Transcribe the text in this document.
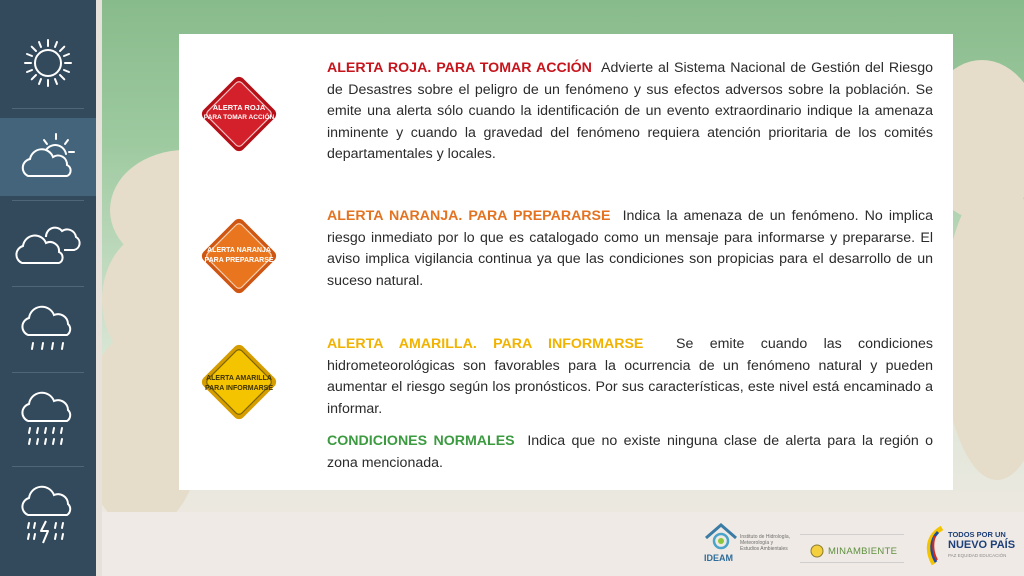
ALERTA ROJA
PARA TOMAR ACCIÓN
ALERTA NARANJA
PARA PREPARARSE
ALERTA AMARILLA
PARA INFORMARSE
ALERTA ROJA. PARA TOMAR ACCIÓN Advierte al Sistema Nacional de Gestión del Riesgo de Desastres sobre el peligro de un fenómeno y sus efectos adversos sobre la población. Se emite una alerta sólo cuando la identificación de un evento extraordinario indique la amenaza inminente y cuando la gravedad del fenómeno requiera atención prioritaria de los comités departamentales y locales.
ALERTA NARANJA. PARA PREPARARSE Indica la amenaza de un fenómeno. No implica riesgo inmediato por lo que es catalogado como un mensaje para informarse y prepararse. El aviso implica vigilancia continua ya que las condiciones son propicias para el desarrollo de un suceso natural.
ALERTA AMARILLA. PARA INFORMARSE Se emite cuando las condiciones hidrometeorológicas son favorables para la ocurrencia de un fenómeno natural y pueden aumentar el riesgo según los pronósticos. Por sus características, este nivel está encaminado a informar.
CONDICIONES NORMALES Indica que no existe ninguna clase de alerta para la región o zona mencionada.
IDEAM
Instituto de Hidrología, Meteorología y Estudios Ambientales	MINAMBIENTE
TODOS POR UN
NUEVO PAÍS
PAZ EQUIDAD EDUCACIÓN
